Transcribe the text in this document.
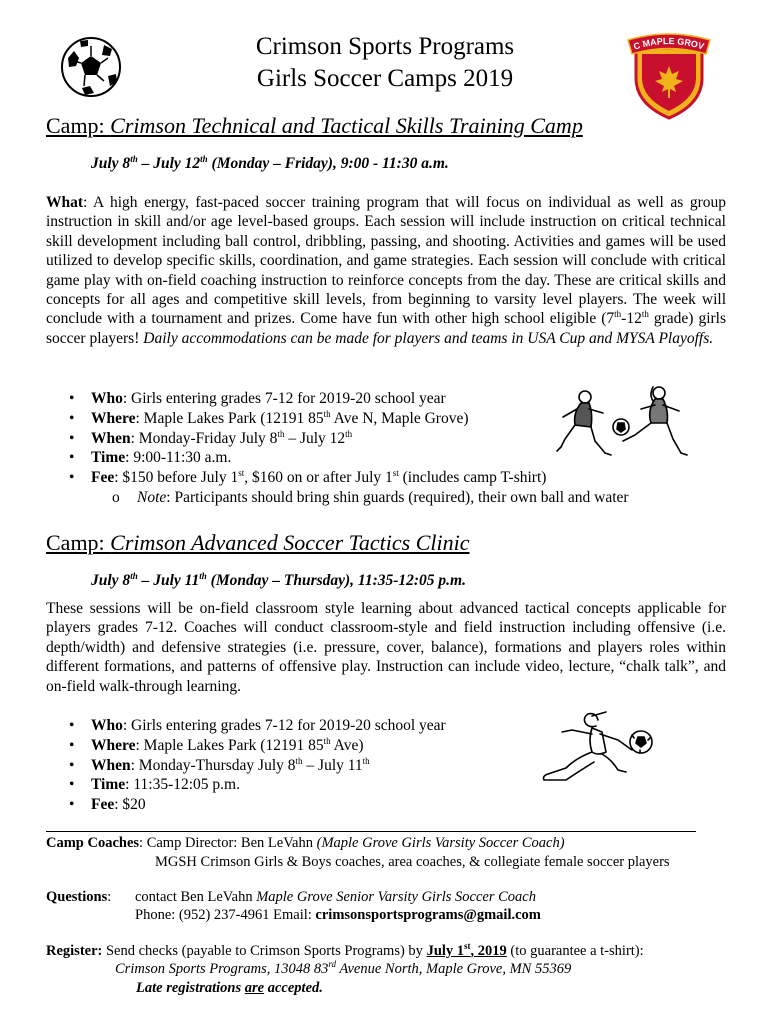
Crimson Sports Programs
Girls Soccer Camps 2019
C MAPLE GROV
Camp: Crimson Technical and Tactical Skills Training Camp
July 8th – July 12th (Monday – Friday), 9:00 - 11:30 a.m.
What: A high energy, fast-paced soccer training program that will focus on individual as well as group instruction in skill and/or age level-based groups. Each session will include instruction on critical technical skill development including ball control, dribbling, passing, and shooting. Activities and games will be used utilized to develop specific skills, coordination, and game strategies. Each session will conclude with critical game play with on-field coaching instruction to reinforce concepts from the day. These are critical skills and concepts for all ages and competitive skill levels, from beginning to varsity level players. The week will conclude with a tournament and prizes. Come have fun with other high school eligible (7th-12th grade) girls soccer players! Daily accommodations can be made for players and teams in USA Cup and MYSA Playoffs.
• Who: Girls entering grades 7-12 for 2019-20 school year
• Where: Maple Lakes Park (12191 85th Ave N, Maple Grove)
• When: Monday-Friday July 8th – July 12th
• Time: 9:00-11:30 a.m.
• Fee: $150 before July 1st, $160 on or after July 1st (includes camp T-shirt)
o Note: Participants should bring shin guards (required), their own ball and water
Camp: Crimson Advanced Soccer Tactics Clinic
July 8th – July 11th (Monday – Thursday), 11:35-12:05 p.m.
These sessions will be on-field classroom style learning about advanced tactical concepts applicable for players grades 7-12. Coaches will conduct classroom-style and field instruction including offensive (i.e. depth/width) and defensive strategies (i.e. pressure, cover, balance), formations and players roles within different formations, and patterns of offensive play. Instruction can include video, lecture, “chalk talk”, and on-field walk-through learning.
• Who: Girls entering grades 7-12 for 2019-20 school year
• Where: Maple Lakes Park (12191 85th Ave)
• When: Monday-Thursday July 8th – July 11th
• Time: 11:35-12:05 p.m.
• Fee: $20
Camp Coaches: Camp Director: Ben LeVahn (Maple Grove Girls Varsity Soccer Coach)
MGSH Crimson Girls & Boys coaches, area coaches, & collegiate female soccer players
Questions: contact Ben LeVahn Maple Grove Senior Varsity Girls Soccer Coach
Phone: (952) 237-4961 Email: crimsonsportsprograms@gmail.com
Register: Send checks (payable to Crimson Sports Programs) by July 1st, 2019 (to guarantee a t-shirt):
Crimson Sports Programs, 13048 83rd Avenue North, Maple Grove, MN 55369
Late registrations are accepted.
